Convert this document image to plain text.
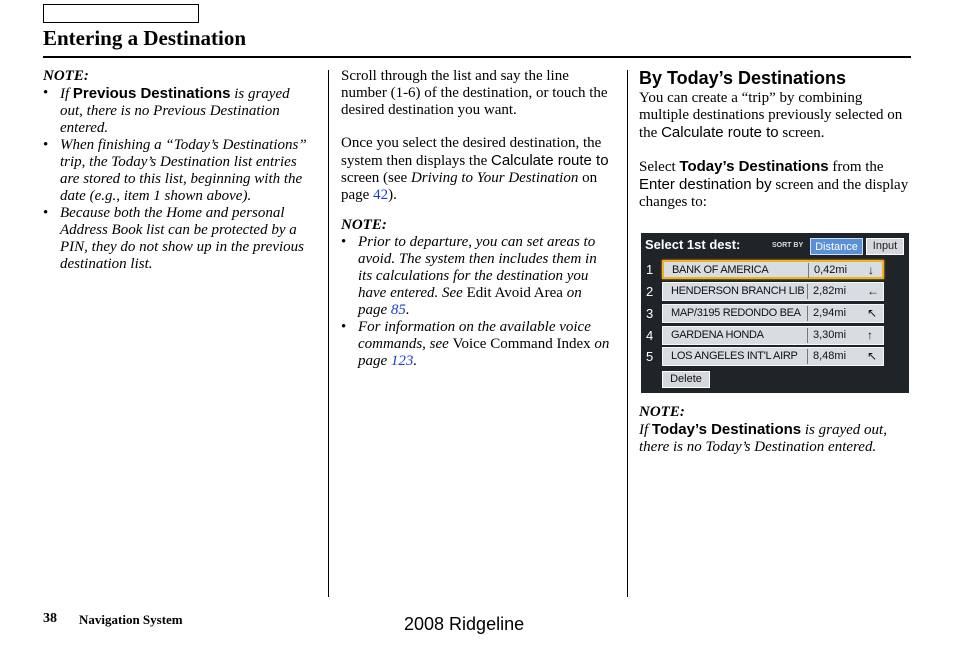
Entering a Destination
NOTE:
• If Previous Destinations is grayed out, there is no Previous Destination entered.
• When finishing a “Today’s Destinations” trip, the Today’s Destination list entries are stored to this list, beginning with the date (e.g., item 1 shown above).
• Because both the Home and personal Address Book list can be protected by a PIN, they do not show up in the previous destination list.

Scroll through the list and say the line number (1-6) of the destination, or touch the desired destination you want.

Once you select the desired destination, the system then displays the Calculate route to screen (see Driving to Your Destination on page 42).

NOTE:
• Prior to departure, you can set areas to avoid. The system then includes them in its calculations for the destination you have entered. See Edit Avoid Area on page 85.
• For information on the available voice commands, see Voice Command Index on page 123.
By Today’s Destinations

You can create a “trip” by combining multiple destinations previously selected on the Calculate route to screen.

Select Today’s Destinations from the Enter destination by screen and the display changes to:

Select 1st dest:	SORT BY	Distance	Input
1	BANK OF AMERICA	0,42mi ↓
2	HENDERSON BRANCH LIB 2,82mi ←
3	MAP/3195 REDONDO BEA 2,94mi ↖
4	GARDENA HONDA	3,30mi ↑
5	LOS ANGELES INT'L AIRP 8,48mi ↖
Delete
NOTE:

If Today’s Destinations is grayed out, there is no Today’s Destination entered.

38 Navigation System	2008 Ridgeline
